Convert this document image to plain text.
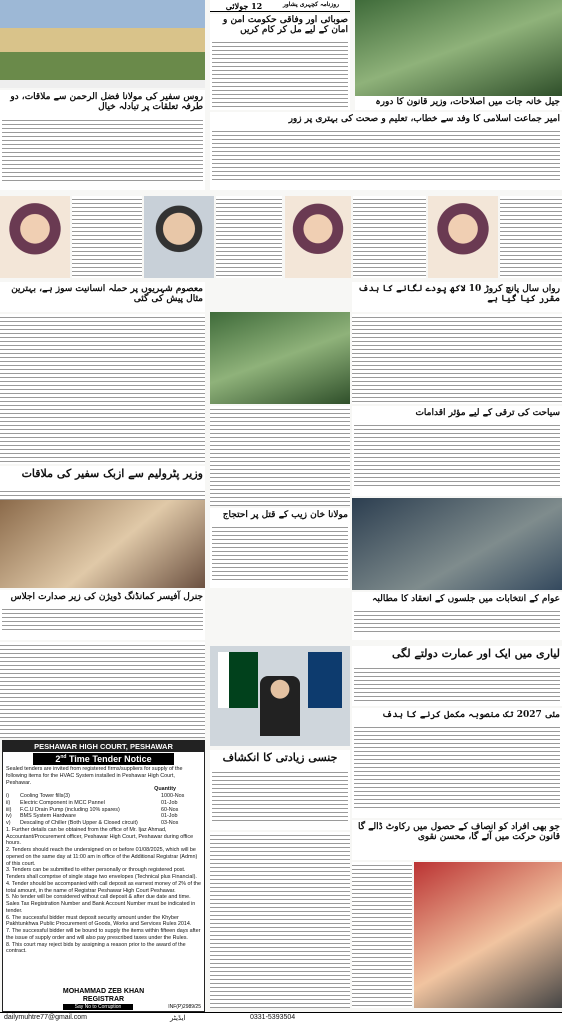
12 جولائی	روزنامہ کچہری پشاور
صوبائی اور وفاقی حکومت امن و امان کے لیے مل کر کام کریں
جیل خانہ جات میں اصلاحات، وزیر قانون کا دورہ
روس سفیر کی مولانا فضل الرحمن سے ملاقات، دو طرفہ تعلقات پر تبادلہ خیال
امیر جماعت اسلامی کا وفد سے خطاب، تعلیم و صحت کی بہتری پر زور
معصوم شہریوں پر حملہ انسانیت سوز ہے، بہترین مثال پیش کی گئی
رواں سال پانچ کروڑ 10 لاکھ پودے لگانے کا ہدف مقرر کیا گیا ہے
وزیر پٹرولیم سے ازبک سفیر کی ملاقات
سیاحت کی ترقی کے لیے مؤثر اقدامات
مولانا خان زیب کے قتل پر احتجاج
جنرل آفیسر کمانڈنگ ڈویژن کی زیر صدارت اجلاس	عوام کے انتخابات میں جلسوں کے انعقاد کا مطالبہ
PESHAWAR HIGH COURT, PESHAWAR
2nd Time Tender Notice
Sealed tenders are invited from registered firms/suppliers for supply of the following items for the HVAC System installed in Peshawar High Court, Peshawar.
Quantity
i)	Cooling Tower fills(3)	1000-Nos
ii)	Electric Component in MCC Pannel	01-Job
iii)	F.C.U Drain Pump (including 10% spares)	60-Nos
iv)	BMS System Hardware	01-Job
v)	Descaling of Chiller (Both Upper & Closed circuit)	03-Nos
1. Further details can be obtained from the office of Mr. Ijaz Ahmad, Accountant/Procurement officer, Peshawar High Court, Peshawar during office hours.
2. Tenders should reach the undersigned on or before 01/08/2025, which will be opened on the same day at 11:00 am in office of the Additional Registrar (Admn) of this court.
3. Tenders can be submitted to either personally or through registered post. Tenders shall comprise of single stage two envelopes (Technical plus Financial).
4. Tender should be accompanied with call deposit as earnest money of 2% of the total amount, in the name of Registrar Peshawar High Court Peshawar.
5. No tender will be considered without call deposit & after due date and time. Sales Tax Registration Number and Bank Account Number must be indicated in tender.
6. The successful bidder must deposit security amount under the Khyber Pakhtunkhwa Public Procurement of Goods, Works and Services Rules 2014.
7. The successful bidder will be bound to supply the items within fifteen days after the issue of supply order and will also pay prescribed taxes under the Rules.
8. This court may reject bids by assigning a reason prior to the award of the contract.
MOHAMMAD ZEB KHAN
REGISTRAR
Say No to Corruption	INF(P)2989/25
لیاری میں ایک اور عمارت دولتے لگی
مئی 2027 تک منصوبہ مکمل کرنے کا ہدف
جنسی زیادتی کا انکشاف
جو بھی افراد کو انصاف کے حصول میں رکاوٹ ڈالے گا قانون حرکت میں آئے گا، محسن نقوی
dailymuhtre77@gmail.com	0331-5393504
ایڈیٹر
